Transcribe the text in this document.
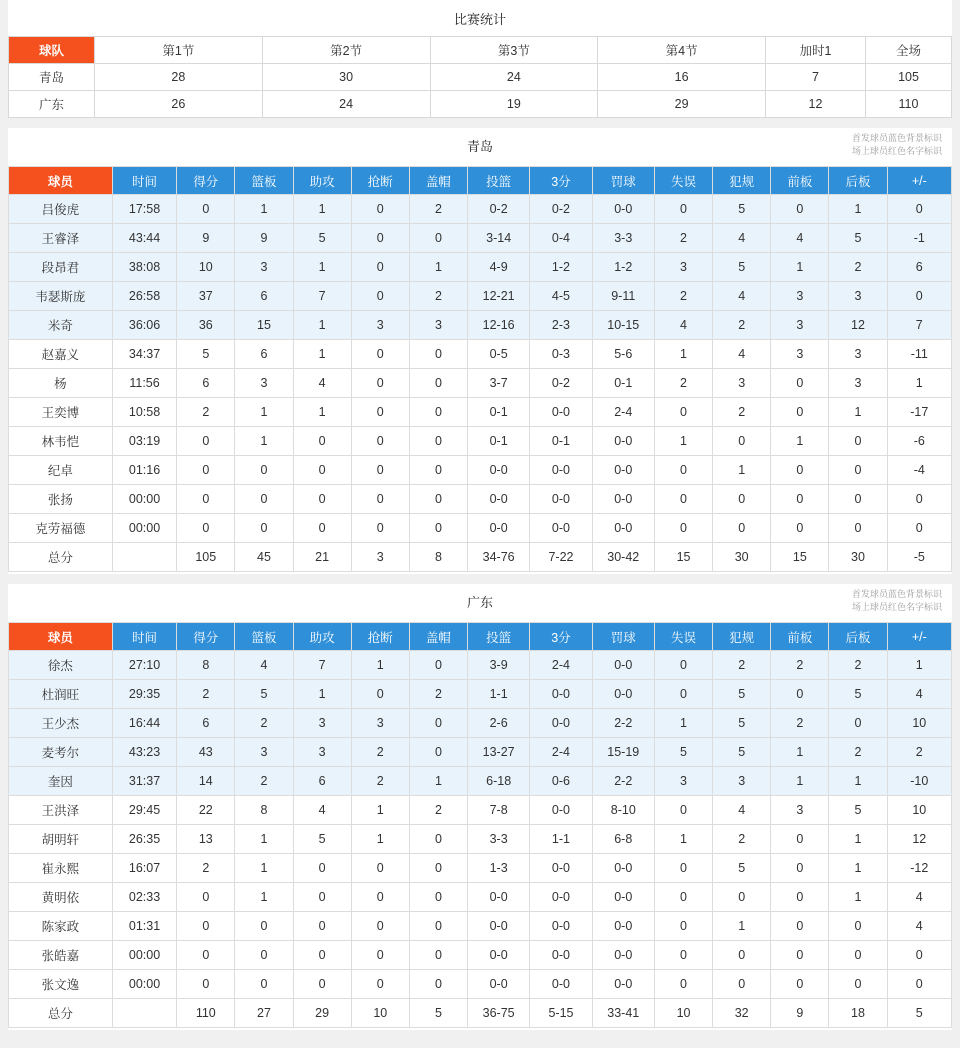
比赛统计
球队	第1节	第2节	第3节	第4节	加时1	全场
青岛	28	30	24	16	7	105
广东	26	24	19	29	12	110
青岛
首发球员蓝色背景标识
场上球员红色名字标识
球员	时间	得分	篮板	助攻	抢断	盖帽	投篮	3分	罚球	失误	犯规	前板	后板	+/-
吕俊虎	17:58	0	1	1	0	2	0-2	0-2	0-0	0	5	0	1	0
王睿泽	43:44	9	9	5	0	0	3-14	0-4	3-3	2	4	4	5	-1
段昂君	38:08	10	3	1	0	1	4-9	1-2	1-2	3	5	1	2	6
韦瑟斯庞	26:58	37	6	7	0	2	12-21	4-5	9-11	2	4	3	3	0
米奇	36:06	36	15	1	3	3	12-16	2-3	10-15	4	2	3	12	7
赵嘉义	34:37	5	6	1	0	0	0-5	0-3	5-6	1	4	3	3	-11
杨	11:56	6	3	4	0	0	3-7	0-2	0-1	2	3	0	3	1
王奕博	10:58	2	1	1	0	0	0-1	0-0	2-4	0	2	0	1	-17
林韦恺	03:19	0	1	0	0	0	0-1	0-1	0-0	1	0	1	0	-6
纪卓	01:16	0	0	0	0	0	0-0	0-0	0-0	0	1	0	0	-4
张扬	00:00	0	0	0	0	0	0-0	0-0	0-0	0	0	0	0	0
克劳福德	00:00	0	0	0	0	0	0-0	0-0	0-0	0	0	0	0	0
总分		105	45	21	3	8	34-76	7-22	30-42	15	30	15	30	-5
广东
首发球员蓝色背景标识
场上球员红色名字标识
球员	时间	得分	篮板	助攻	抢断	盖帽	投篮	3分	罚球	失误	犯规	前板	后板	+/-
徐杰	27:10	8	4	7	1	0	3-9	2-4	0-0	0	2	2	2	1
杜润旺	29:35	2	5	1	0	2	1-1	0-0	0-0	0	5	0	5	4
王少杰	16:44	6	2	3	3	0	2-6	0-0	2-2	1	5	2	0	10
麦考尔	43:23	43	3	3	2	0	13-27	2-4	15-19	5	5	1	2	2
奎因	31:37	14	2	6	2	1	6-18	0-6	2-2	3	3	1	1	-10
王洪泽	29:45	22	8	4	1	2	7-8	0-0	8-10	0	4	3	5	10
胡明轩	26:35	13	1	5	1	0	3-3	1-1	6-8	1	2	0	1	12
崔永熙	16:07	2	1	0	0	0	1-3	0-0	0-0	0	5	0	1	-12
黄明依	02:33	0	1	0	0	0	0-0	0-0	0-0	0	0	0	1	4
陈家政	01:31	0	0	0	0	0	0-0	0-0	0-0	0	1	0	0	4
张皓嘉	00:00	0	0	0	0	0	0-0	0-0	0-0	0	0	0	0	0
张文逸	00:00	0	0	0	0	0	0-0	0-0	0-0	0	0	0	0	0
总分		110	27	29	10	5	36-75	5-15	33-41	10	32	9	18	5
